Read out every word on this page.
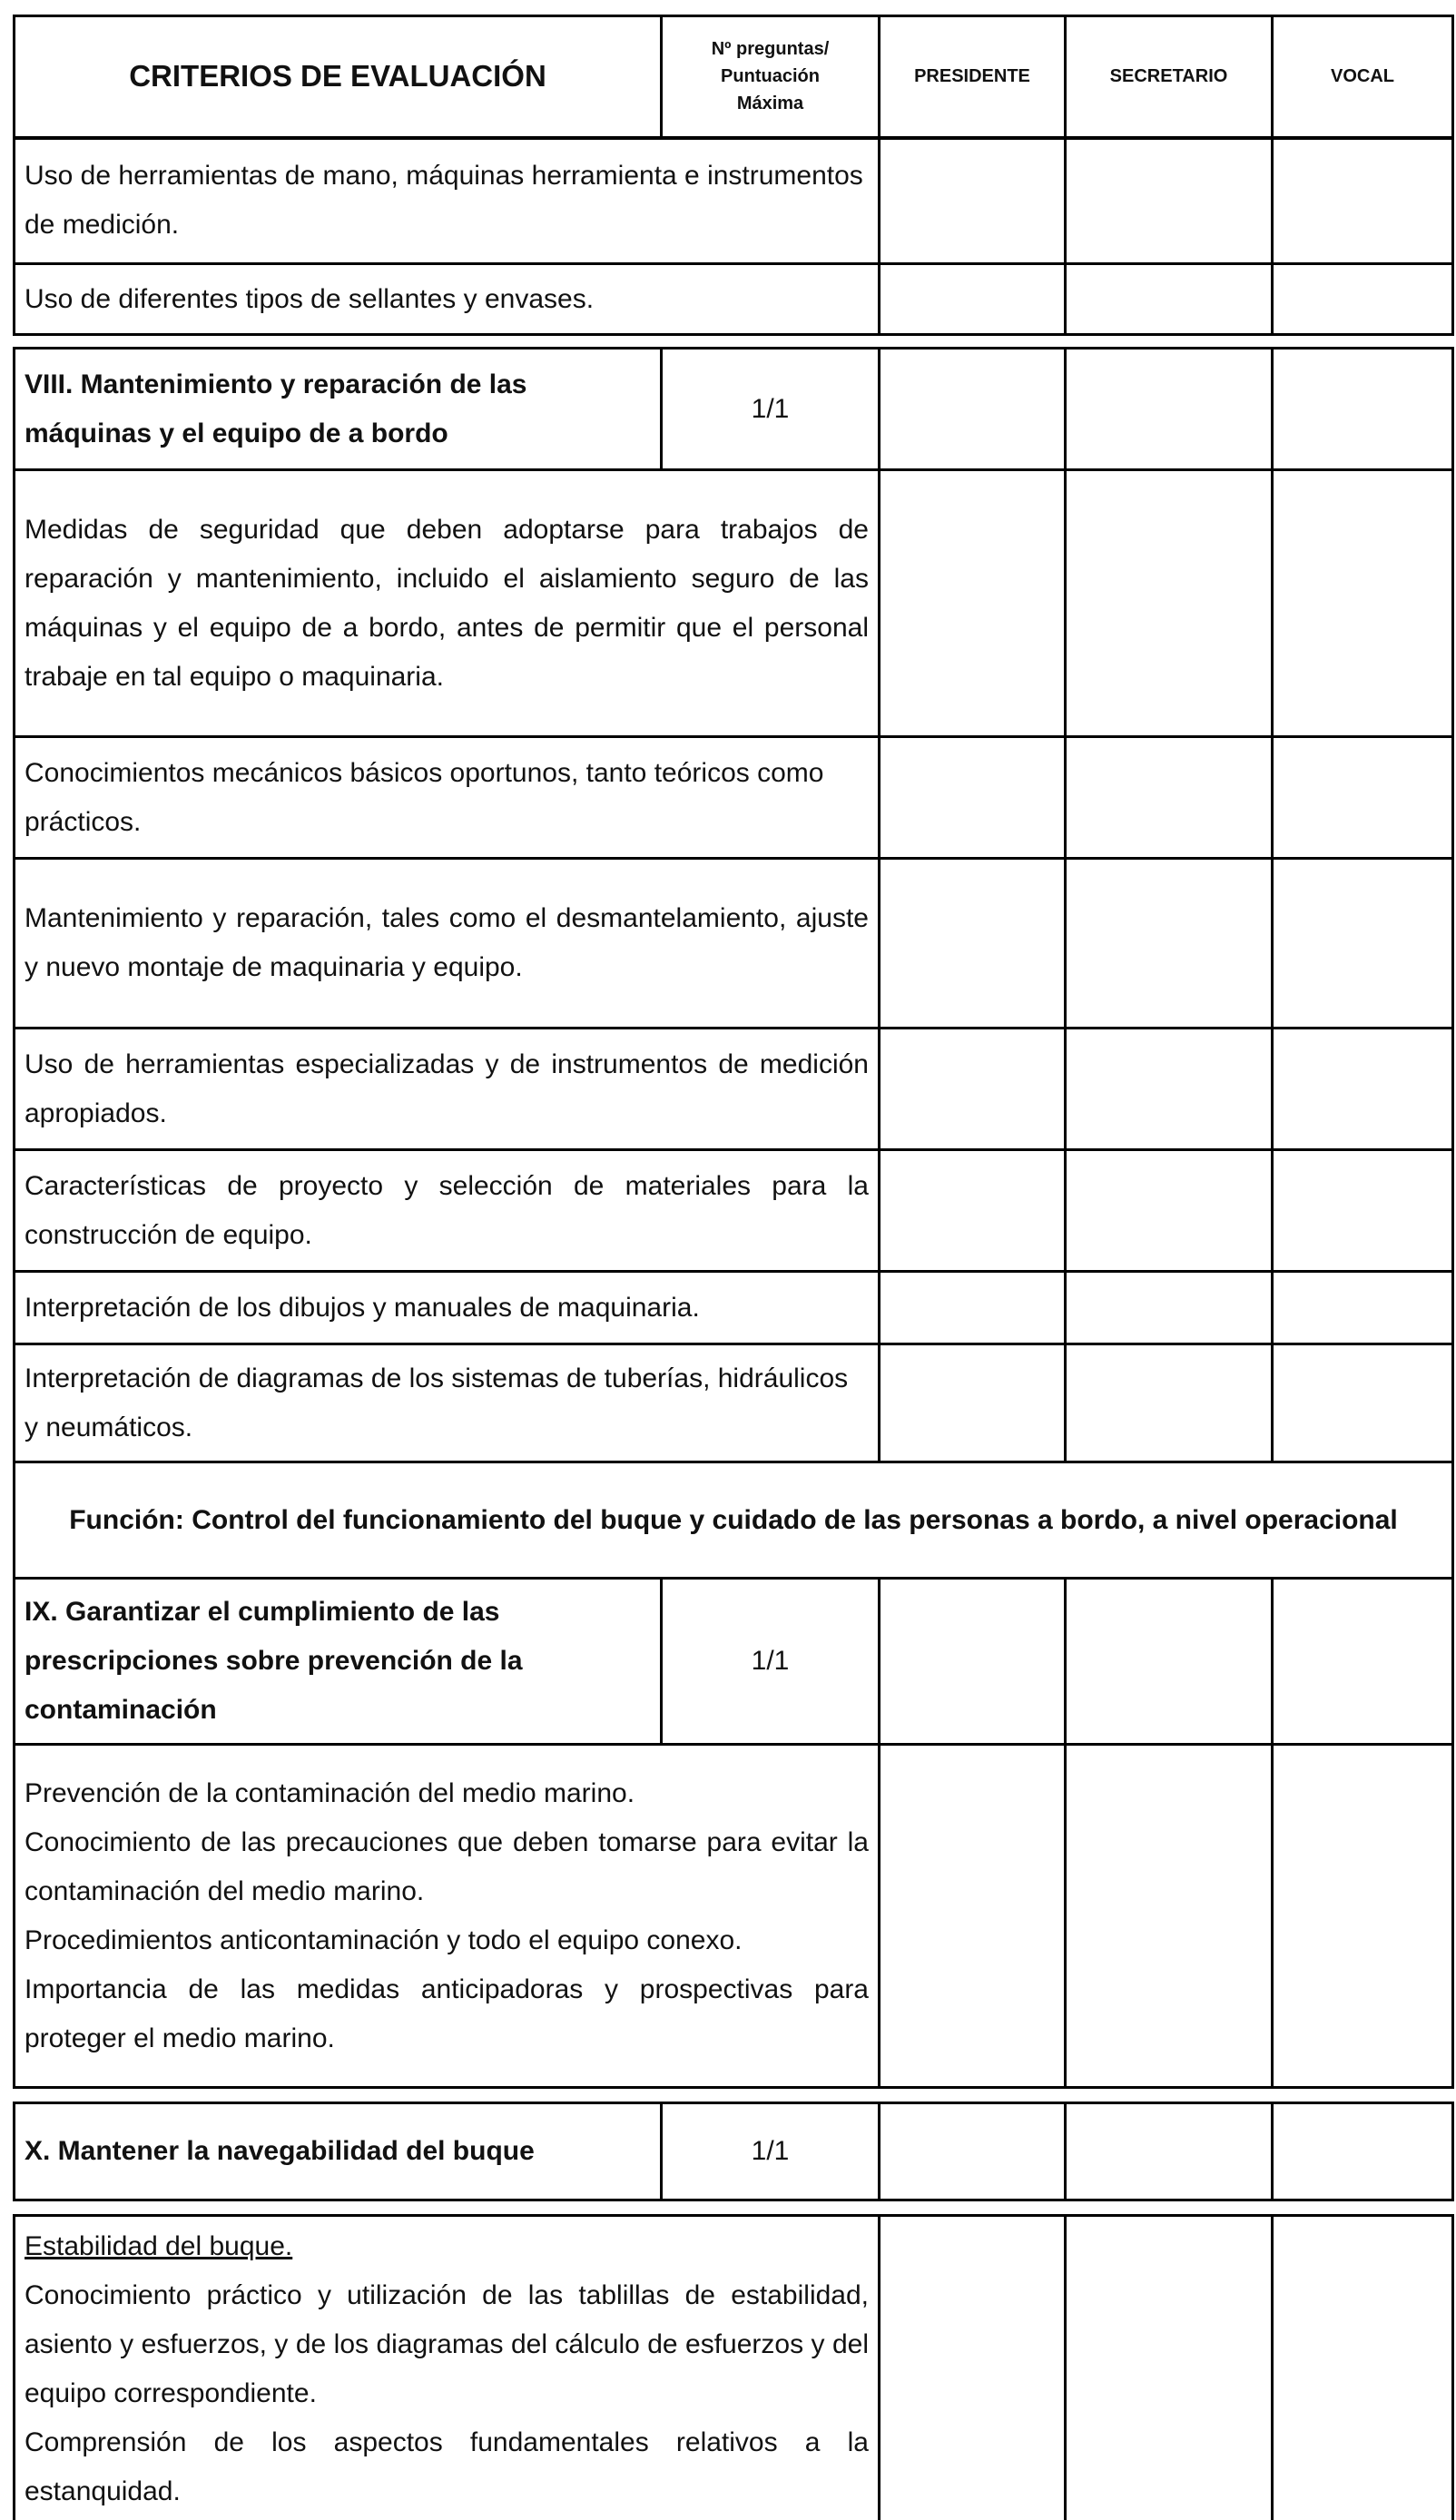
CRITERIOS DE EVALUACIÓN	Nº preguntas/
Puntuación
Máxima	PRESIDENTE	SECRETARIO	VOCAL
Uso de herramientas de mano, máquinas herramienta e instrumentos de medición.				
Uso de diferentes tipos de sellantes y envases.				

VIII. Mantenimiento y reparación de las máquinas y el equipo de a bordo	1/1			
Medidas de seguridad que deben adoptarse para trabajos de reparación y mantenimiento, incluido el aislamiento seguro de las máquinas y el equipo de a bordo, antes de permitir que el personal trabaje en tal equipo o maquinaria.				
Conocimientos mecánicos básicos oportunos, tanto teóricos como prácticos.				
Mantenimiento y reparación, tales como el desmantelamiento, ajuste y nuevo montaje de maquinaria y equipo.				
Uso de herramientas especializadas y de instrumentos de medición apropiados.				
Características de proyecto y selección de materiales para la construcción de equipo.				
Interpretación de los dibujos y manuales de maquinaria.				
Interpretación de diagramas de los sistemas de tuberías, hidráulicos y neumáticos.				
Función: Control del funcionamiento del buque y cuidado de las personas a bordo, a nivel operacional				
IX. Garantizar el cumplimiento de las prescripciones sobre prevención de la contaminación	1/1			

Prevención de la contaminación del medio marino.

Conocimiento de las precauciones que deben tomarse para evitar la contaminación del medio marino.

Procedimientos anticontaminación y todo el equipo conexo.

Importancia de las medidas anticipadoras y prospectivas para proteger el medio marino.				

X. Mantener la navegabilidad del buque	1/1			

Estabilidad del buque.

Conocimiento práctico y utilización de las tablillas de estabilidad, asiento y esfuerzos, y de los diagramas del cálculo de esfuerzos y del equipo correspondiente.

Comprensión de los aspectos fundamentales relativos a la estanquidad.				
